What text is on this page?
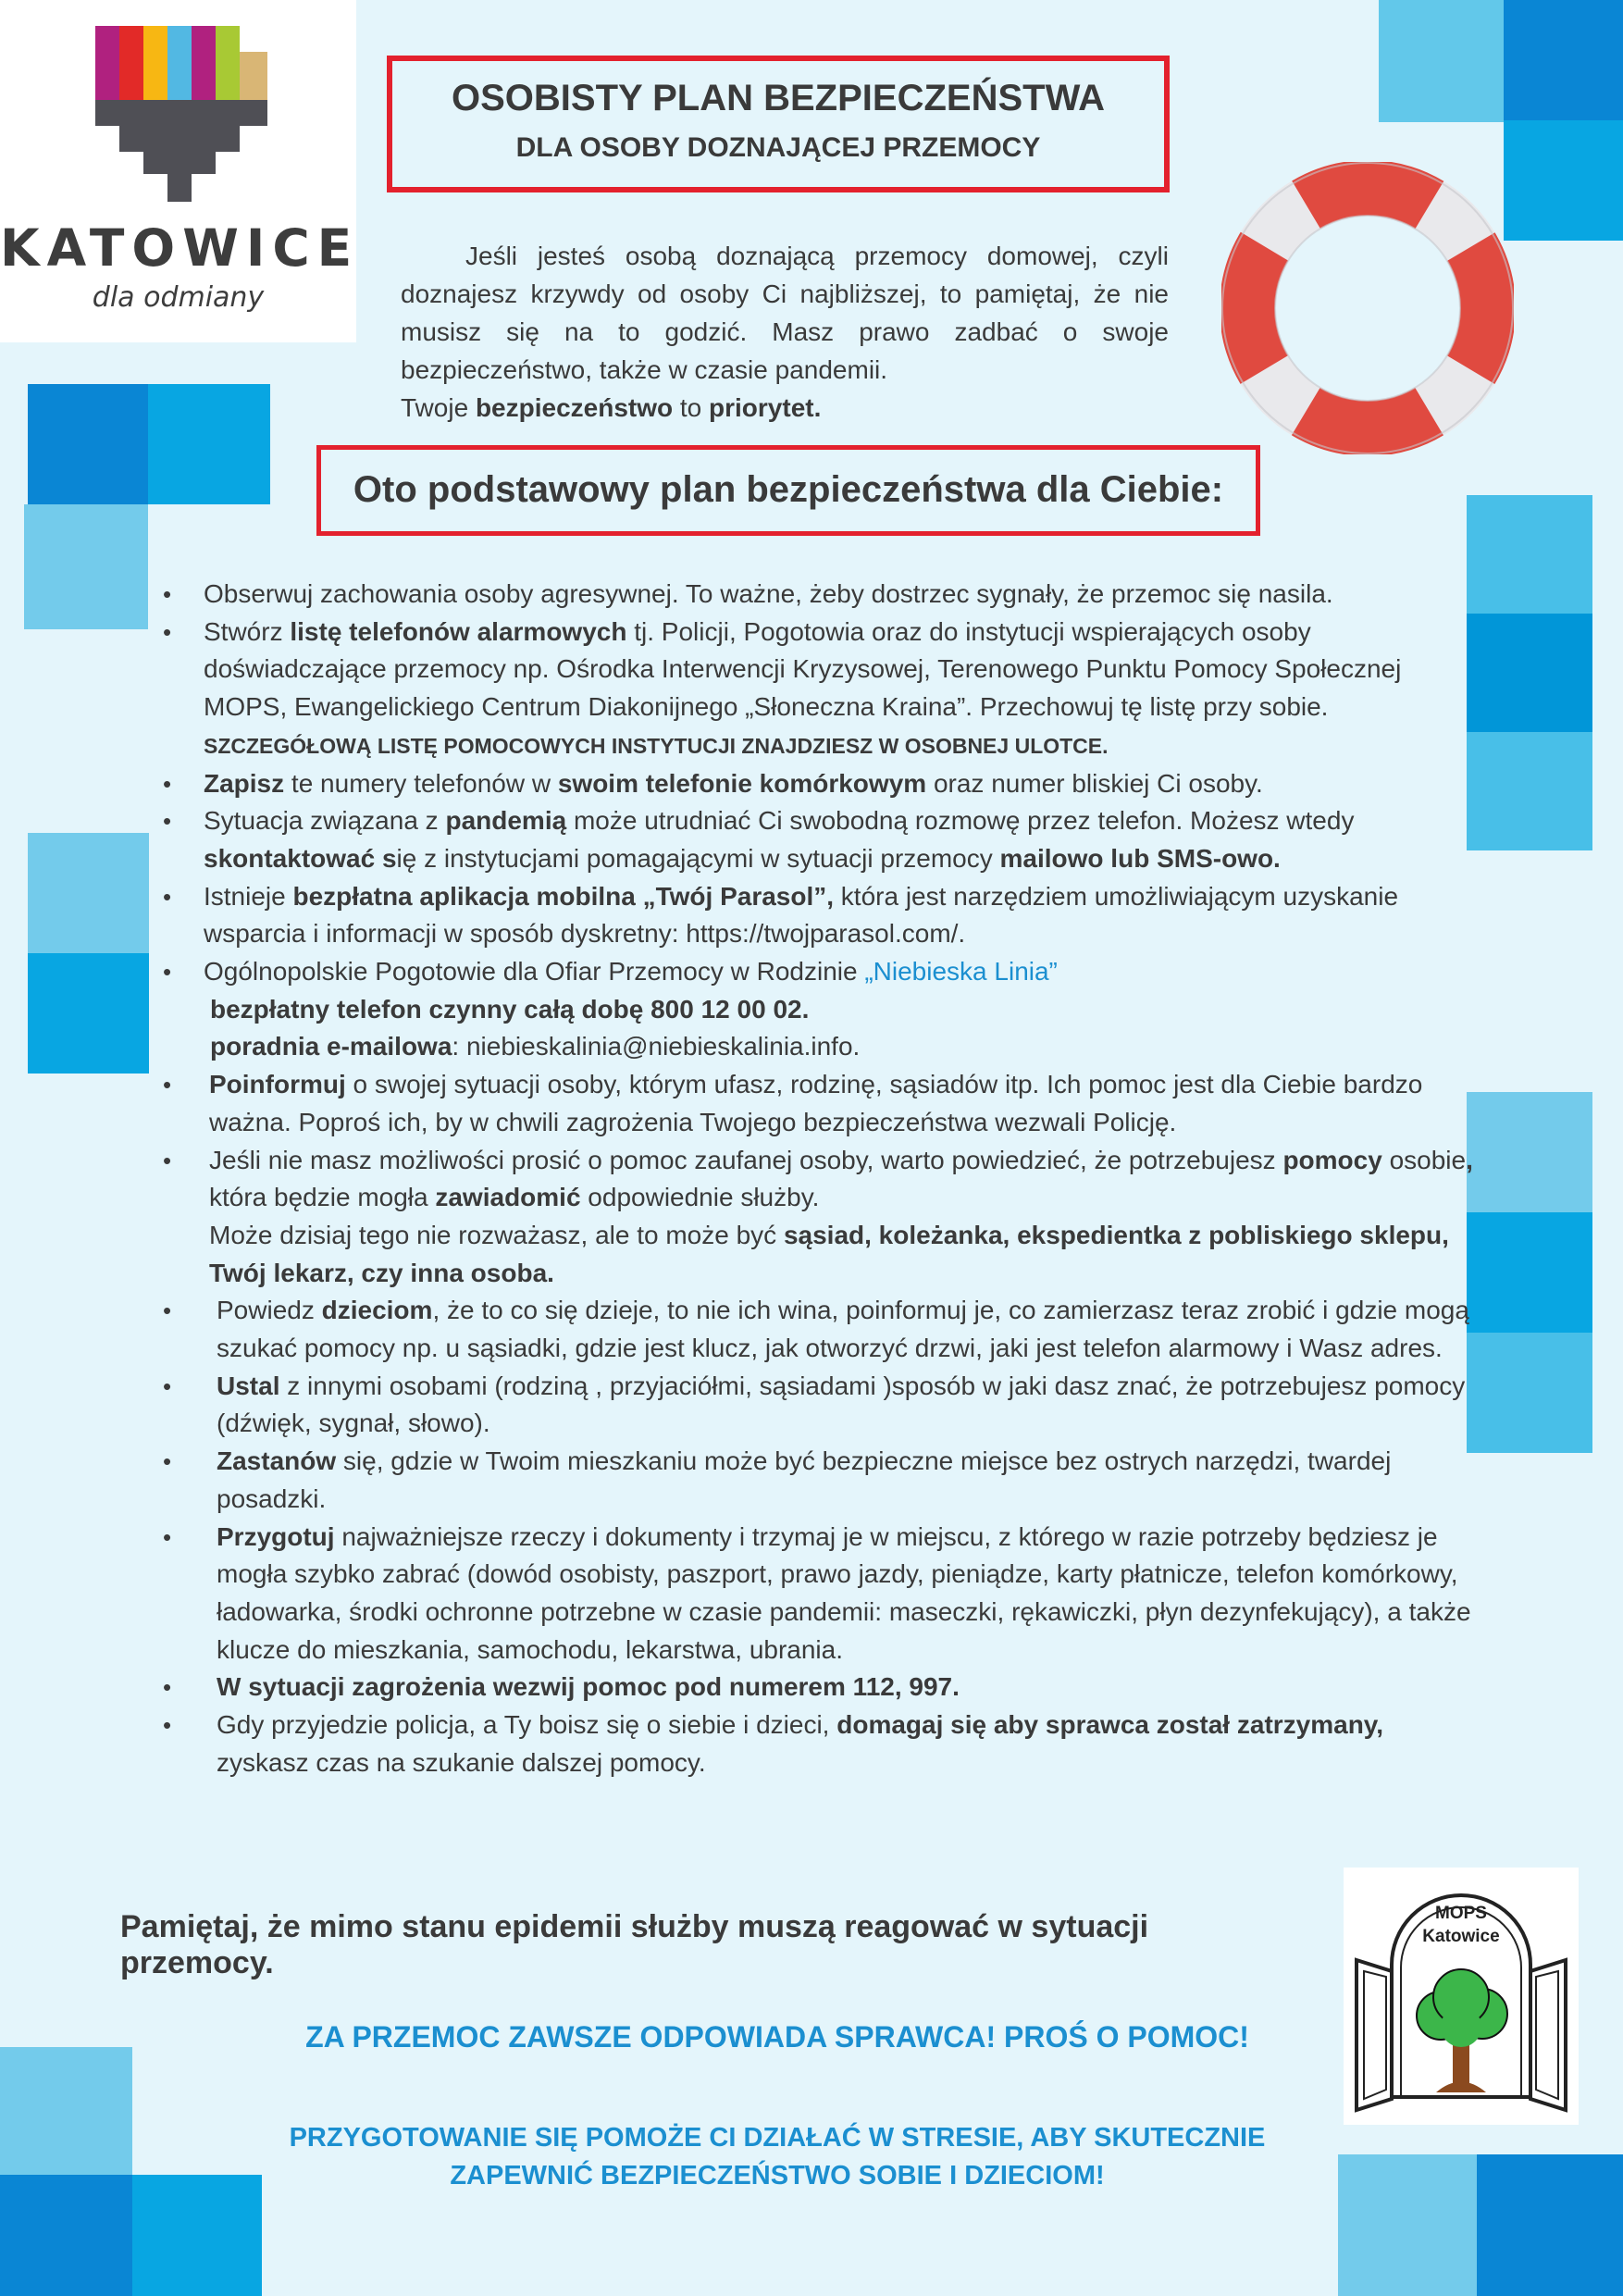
KATOWICE
dla odmiany
OSOBISTY PLAN BEZPIECZEŃSTWA
DLA OSOBY DOZNAJĄCEJ PRZEMOCY
Jeśli jesteś osobą doznającą przemocy domowej, czyli doznajesz krzywdy od osoby Ci najbliższej, to pamiętaj, że nie musisz się na to godzić. Masz prawo zadbać o swoje bezpieczeństwo, także w czasie pandemii.
Twoje bezpieczeństwo to priorytet.
Oto podstawowy plan bezpieczeństwa dla Ciebie:
• Obserwuj zachowania osoby agresywnej. To ważne, żeby dostrzec sygnały, że przemoc się nasila.
• Stwórz listę telefonów alarmowych tj. Policji, Pogotowia oraz do instytucji wspierających osoby doświadczające przemocy np. Ośrodka Interwencji Kryzysowej, Terenowego Punktu Pomocy Społecznej MOPS, Ewangelickiego Centrum Diakonijnego „Słoneczna Kraina”. Przechowuj tę listę przy sobie. SZCZEGÓŁOWĄ LISTĘ POMOCOWYCH INSTYTUCJI ZNAJDZIESZ W OSOBNEJ ULOTCE.
• Zapisz te numery telefonów w swoim telefonie komórkowym oraz numer bliskiej Ci osoby.
• Sytuacja związana z pandemią może utrudniać Ci swobodną rozmowę przez telefon. Możesz wtedy skontaktować się z instytucjami pomagającymi w sytuacji przemocy mailowo lub SMS-owo.
• Istnieje bezpłatna aplikacja mobilna „Twój Parasol”, która jest narzędziem umożliwiającym uzyskanie wsparcia i informacji w sposób dyskretny: https://twojparasol.com/.
• Ogólnopolskie Pogotowie dla Ofiar Przemocy w Rodzinie „Niebieska Linia”

bezpłatny telefon czynny całą dobę 800 12 00 02.
poradnia e-mailowa: niebieskalinia@niebieskalinia.info.
• Poinformuj o swojej sytuacji osoby, którym ufasz, rodzinę, sąsiadów itp. Ich pomoc jest dla Ciebie bardzo ważna. Poproś ich, by w chwili zagrożenia Twojego bezpieczeństwa wezwali Policję.
• Jeśli nie masz możliwości prosić o pomoc zaufanej osoby, warto powiedzieć, że potrzebujesz pomocy osobie, która będzie mogła zawiadomić odpowiednie służby.
Może dzisiaj tego nie rozważasz, ale to może być sąsiad, koleżanka, ekspedientka z pobliskiego sklepu, Twój lekarz, czy inna osoba.
• Powiedz dzieciom, że to co się dzieje, to nie ich wina, poinformuj je, co zamierzasz teraz zrobić i gdzie mogą szukać pomocy np. u sąsiadki, gdzie jest klucz, jak otworzyć drzwi, jaki jest telefon alarmowy i Wasz adres.
• Ustal z innymi osobami (rodziną , przyjaciółmi, sąsiadami )sposób w jaki dasz znać, że potrzebujesz pomocy (dźwięk, sygnał, słowo).
• Zastanów się, gdzie w Twoim mieszkaniu może być bezpieczne miejsce bez ostrych narzędzi, twardej posadzki.
• Przygotuj najważniejsze rzeczy i dokumenty i trzymaj je w miejscu, z którego w razie potrzeby będziesz je mogła szybko zabrać (dowód osobisty, paszport, prawo jazdy, pieniądze, karty płatnicze, telefon komórkowy, ładowarka, środki ochronne potrzebne w czasie pandemii: maseczki, rękawiczki, płyn dezynfekujący), a także klucze do mieszkania, samochodu, lekarstwa, ubrania.
• W sytuacji zagrożenia wezwij pomoc pod numerem 112, 997.
• Gdy przyjedzie policja, a Ty boisz się o siebie i dzieci, domagaj się aby sprawca został zatrzymany, zyskasz czas na szukanie dalszej pomocy.
Pamiętaj, że mimo stanu epidemii służby muszą reagować w sytuacji przemocy.
ZA PRZEMOC ZAWSZE ODPOWIADA SPRAWCA! PROŚ O POMOC!
PRZYGOTOWANIE SIĘ POMOŻE CI DZIAŁAĆ W STRESIE, ABY SKUTECZNIE
ZAPEWNIĆ BEZPIECZEŃSTWO SOBIE I DZIECIOM!
MOPS
Katowice
